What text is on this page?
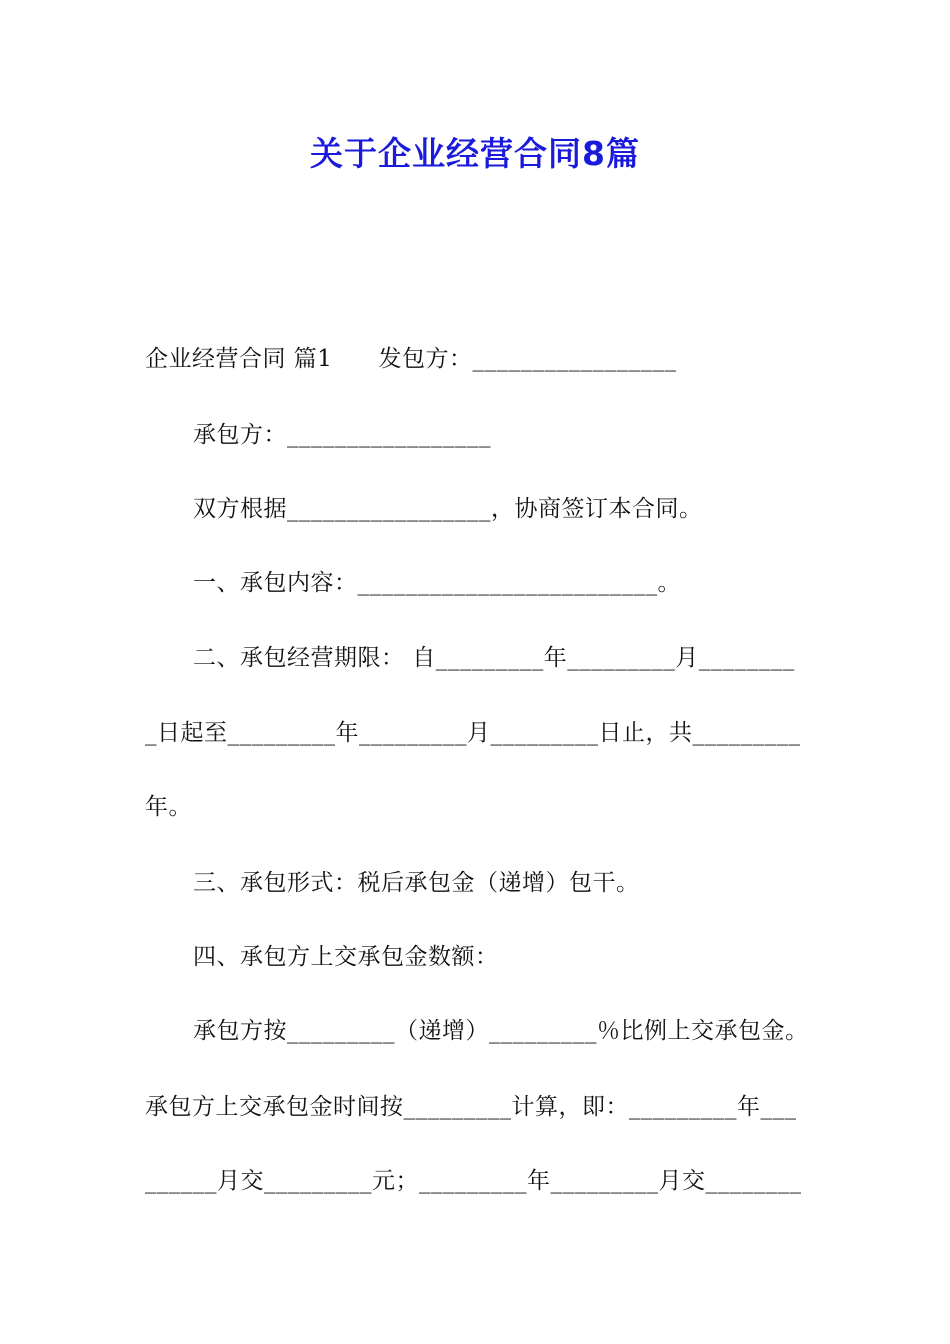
关于企业经营合同8篇
企业经营合同 篇1 发包方：_________________
承包方：_________________
双方根据_________________，协商签订本合同。
一、承包内容：_________________________。
二、承包经营期限： 自_________年_________月________
_日起至_________年_________月_________日止，共_________
年。
三、承包形式：税后承包金（递增）包干。
四、承包方上交承包金数额：
承包方按_________（递增）_________％比例上交承包金。
承包方上交承包金时间按_________计算，即：_________年___
______月交_________元；_________年_________月交________
